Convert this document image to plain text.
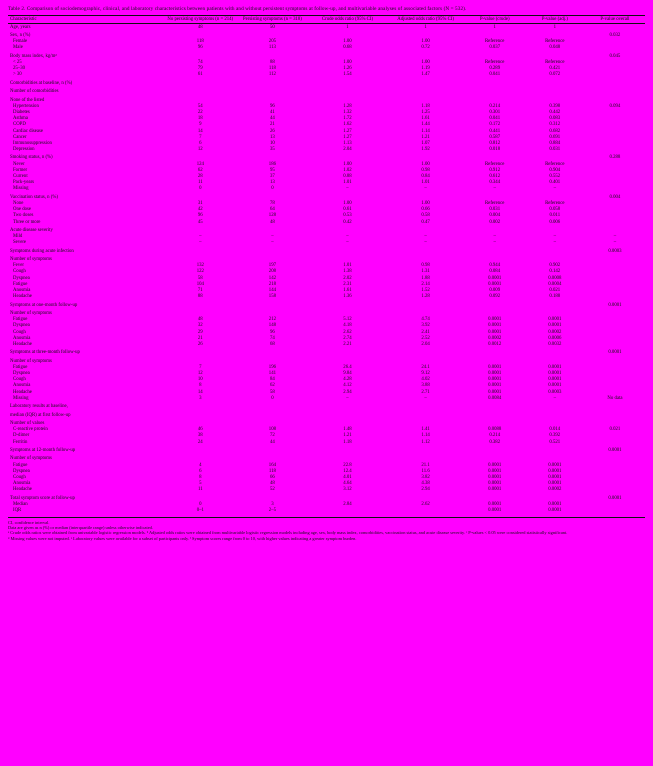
Table 2. Comparison of sociodemographic, clinical, and laboratory characteristics between patients with and without persistent symptoms at follow-up, and multivariable analyses of associated factors (N = 532).

Characteristic	No persisting symptoms (n = 214)	Persisting symptoms (n = 318)	Crude odds ratio (95% CI)	Adjusted odds ratio (95% CI)	P-value (crude)	P-value (adj.)	P-value overall

Age, years	48	50	1	1	1	1	
Sex, n (%)							0.032
Female	118	205	1.00	1.00	Reference	Reference	
Male	96	113	0.68	0.72	0.037	0.048	
Body mass index, kg/m²							0.045
< 25	74	88	1.00	1.00	Reference	Reference	
25–30	79	118	1.26	1.19	0.289	0.421	
> 30	61	112	1.54	1.47	0.041	0.072	
Comorbidities at baseline, n (%)							
Number of comorbidities							
None of the listed							
Hypertension	54	96	1.28	1.18	0.214	0.398	0.094
Diabetes	22	41	1.32	1.25	0.301	0.442	
Asthma	18	44	1.72	1.61	0.041	0.083	
COPD	9	21	1.62	1.44	0.172	0.312	
Cardiac disease	14	26	1.27	1.14	0.441	0.682	
Cancer	7	13	1.27	1.21	0.587	0.691	
Immunosuppression	6	10	1.13	1.07	0.812	0.884	
Depression	12	35	2.04	1.92	0.018	0.031	
Smoking status, n (%)							0.288
Never	124	186	1.00	1.00	Reference	Reference	
Former	62	95	1.02	0.98	0.912	0.904	
Current	28	37	0.88	0.84	0.612	0.552	
Pack-years	11	13	1.01	1.01	0.344	0.401	
Missing	0	0	–	–	–	–	
Vaccination status, n (%)							0.004
None	31	78	1.00	1.00	Reference	Reference	
One dose	42	64	0.61	0.66	0.031	0.058	
Two doses	96	128	0.53	0.58	0.004	0.011	
Three or more	45	48	0.42	0.47	0.002	0.006	
Acute disease severity							
Mild	–	–	–	–	–	–	–
Severe	–	–	–	–	–	–	–
Symptoms during acute infection							0.0003
Number of symptoms							
Fever	132	197	1.01	0.98	0.944	0.902	
Cough	122	208	1.38	1.31	0.084	0.142	
Dyspnea	58	142	2.02	1.88	0.0001	0.0008	
Fatigue	104	218	2.31	2.14	0.0001	0.0004	
Anosmia	71	144	1.61	1.52	0.009	0.021	
Headache	88	158	1.36	1.28	0.092	0.188	
Symptoms at one-month follow-up							0.0001
Number of symptoms							
Fatigue	48	212	5.12	4.74	0.0001	0.0001	
Dyspnea	32	148	4.18	3.92	0.0001	0.0001	
Cough	29	96	2.62	2.41	0.0001	0.0002	
Anosmia	21	74	2.74	2.52	0.0002	0.0006	
Headache	26	68	2.21	2.04	0.0012	0.0032	
Symptoms at three-month follow-up							0.0001
Number of symptoms							
Fatigue	7	196	26.4	24.1	0.0001	0.0001	
Dyspnea	12	141	9.84	9.12	0.0001	0.0001	
Cough	10	84	4.28	4.02	0.0001	0.0001	
Anosmia	8	62	4.12	3.88	0.0001	0.0001	
Headache	14	58	2.94	2.71	0.0001	0.0003	
Missing	3	0	–	–	0.0084	–	No data
Laboratory results at baseline,							
median (IQR) at first follow-up							
Number of values							
C-reactive protein	46	108	1.48	1.41	0.0088	0.014	0.021
D-dimer	38	72	1.21	1.14	0.214	0.392	
Ferritin	24	44	1.18	1.12	0.382	0.521	
Symptoms at 12-month follow-up							0.0001
Number of symptoms							
Fatigue	4	164	22.8	21.1	0.0001	0.0001	
Dyspnea	6	118	12.4	11.6	0.0001	0.0001	
Cough	8	66	4.01	3.82	0.0001	0.0001	
Anosmia	5	48	4.64	4.38	0.0001	0.0001	
Headache	11	52	3.12	2.94	0.0001	0.0002	
Total symptom score at follow-up							0.0001
Median	0	3	2.84	2.62	0.0001	0.0001	
IQR	0–1	2–5			0.0001	0.0001	
CI, confidence interval.
Data are given as n (%) or median (interquartile range) unless otherwise indicated.
ᵃ Crude odds ratios were obtained from univariable logistic regression models. ᵇ Adjusted odds ratios were obtained from multivariable logistic regression models including age, sex, body mass index, comorbidities, vaccination status, and acute disease severity. ᶜ P-values < 0.05 were considered statistically significant.
ᵈ Missing values were not imputed. ᵉ Laboratory values were available for a subset of participants only. ᶠ Symptom scores range from 0 to 10, with higher values indicating a greater symptom burden.
